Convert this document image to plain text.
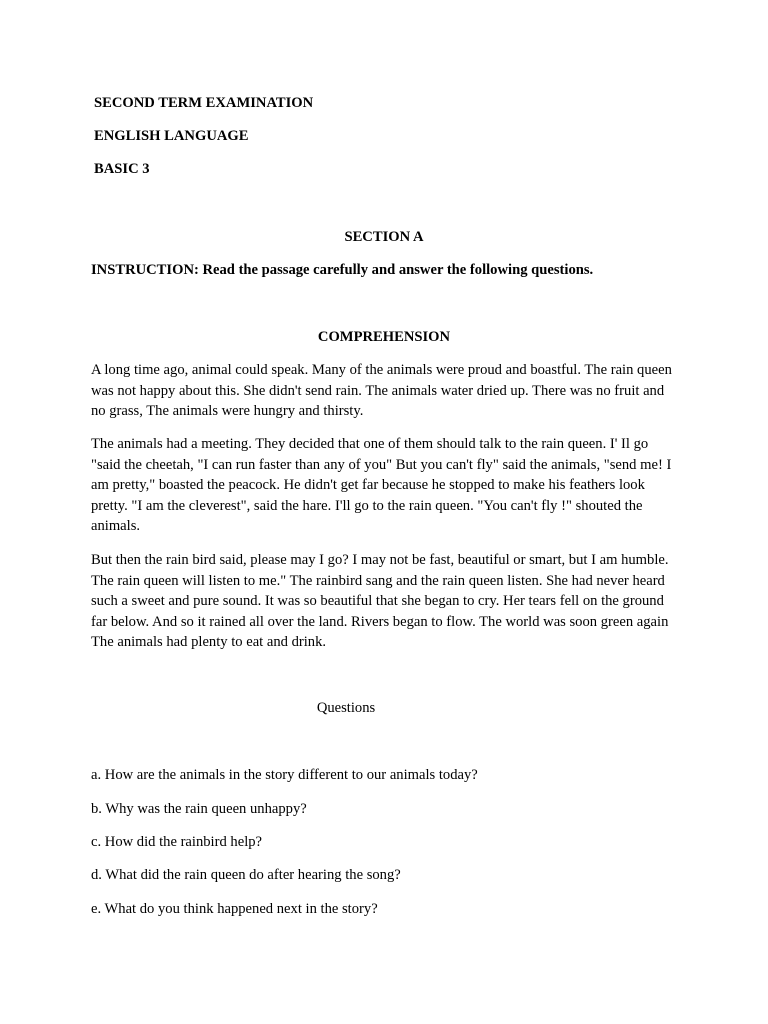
SECOND TERM EXAMINATION
ENGLISH LANGUAGE
BASIC 3
SECTION A
INSTRUCTION: Read the passage carefully and answer the following questions.
COMPREHENSION

A long time ago, animal could speak. Many of the animals were proud and boastful. The rain queen was not happy about this. She didn't send rain. The animals water dried up. There was no fruit and no grass, The animals were hungry and thirsty.

The animals had a meeting. They decided that one of them should talk to the rain queen. I' Il go "said the cheetah, "I can run faster than any of you" But you can't fly" said the animals, "send me! I am pretty," boasted the peacock. He didn't get far because he stopped to make his feathers look pretty. "I am the cleverest", said the hare. I'll go to the rain queen. "You can't fly !" shouted the animals.

But then the rain bird said, please may I go? I may not be fast, beautiful or smart, but I am humble. The rain queen will listen to me." The rainbird sang and the rain queen listen. She had never heard such a sweet and pure sound. It was so beautiful that she began to cry. Her tears fell on the ground far below. And so it rained all over the land. Rivers began to flow. The world was soon green again The animals had plenty to eat and drink.

Questions
a. How are the animals in the story different to our animals today?
b. Why was the rain queen unhappy?
c. How did the rainbird help?
d. What did the rain queen do after hearing the song?
e. What do you think happened next in the story?
